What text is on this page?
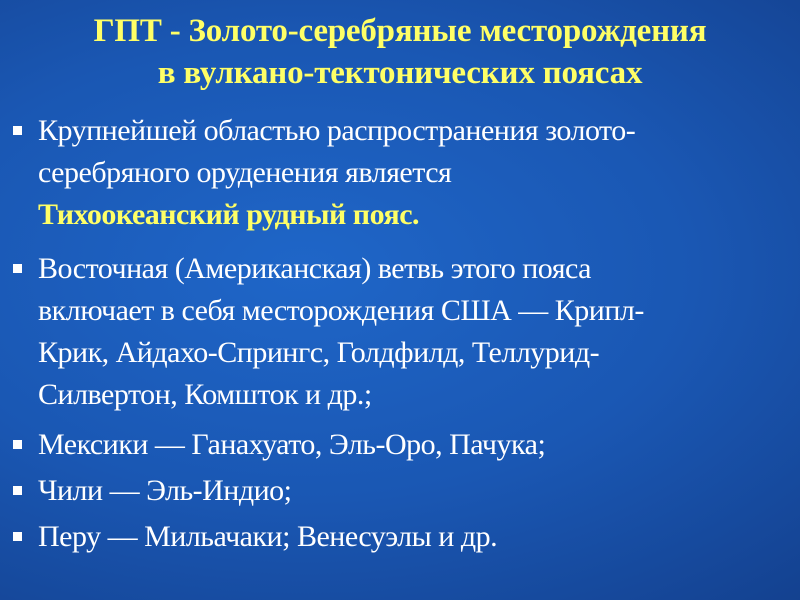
ГПТ - Золото-серебряные месторождения
в вулкано-тектонических поясах
Крупнейшей областью распространения золото-
серебряного оруденения является
Тихоокеанский рудный пояс.
Восточная (Американская) ветвь этого пояса
включает в себя месторождения США — Крипл-
Крик, Айдахо-Спрингс, Голдфилд, Теллурид-
Силвертон, Комшток и др.;
Мексики — Ганахуато, Эль-Оро, Пачука;
Чили — Эль-Индио;
Перу — Мильачаки; Венесуэлы и др.
